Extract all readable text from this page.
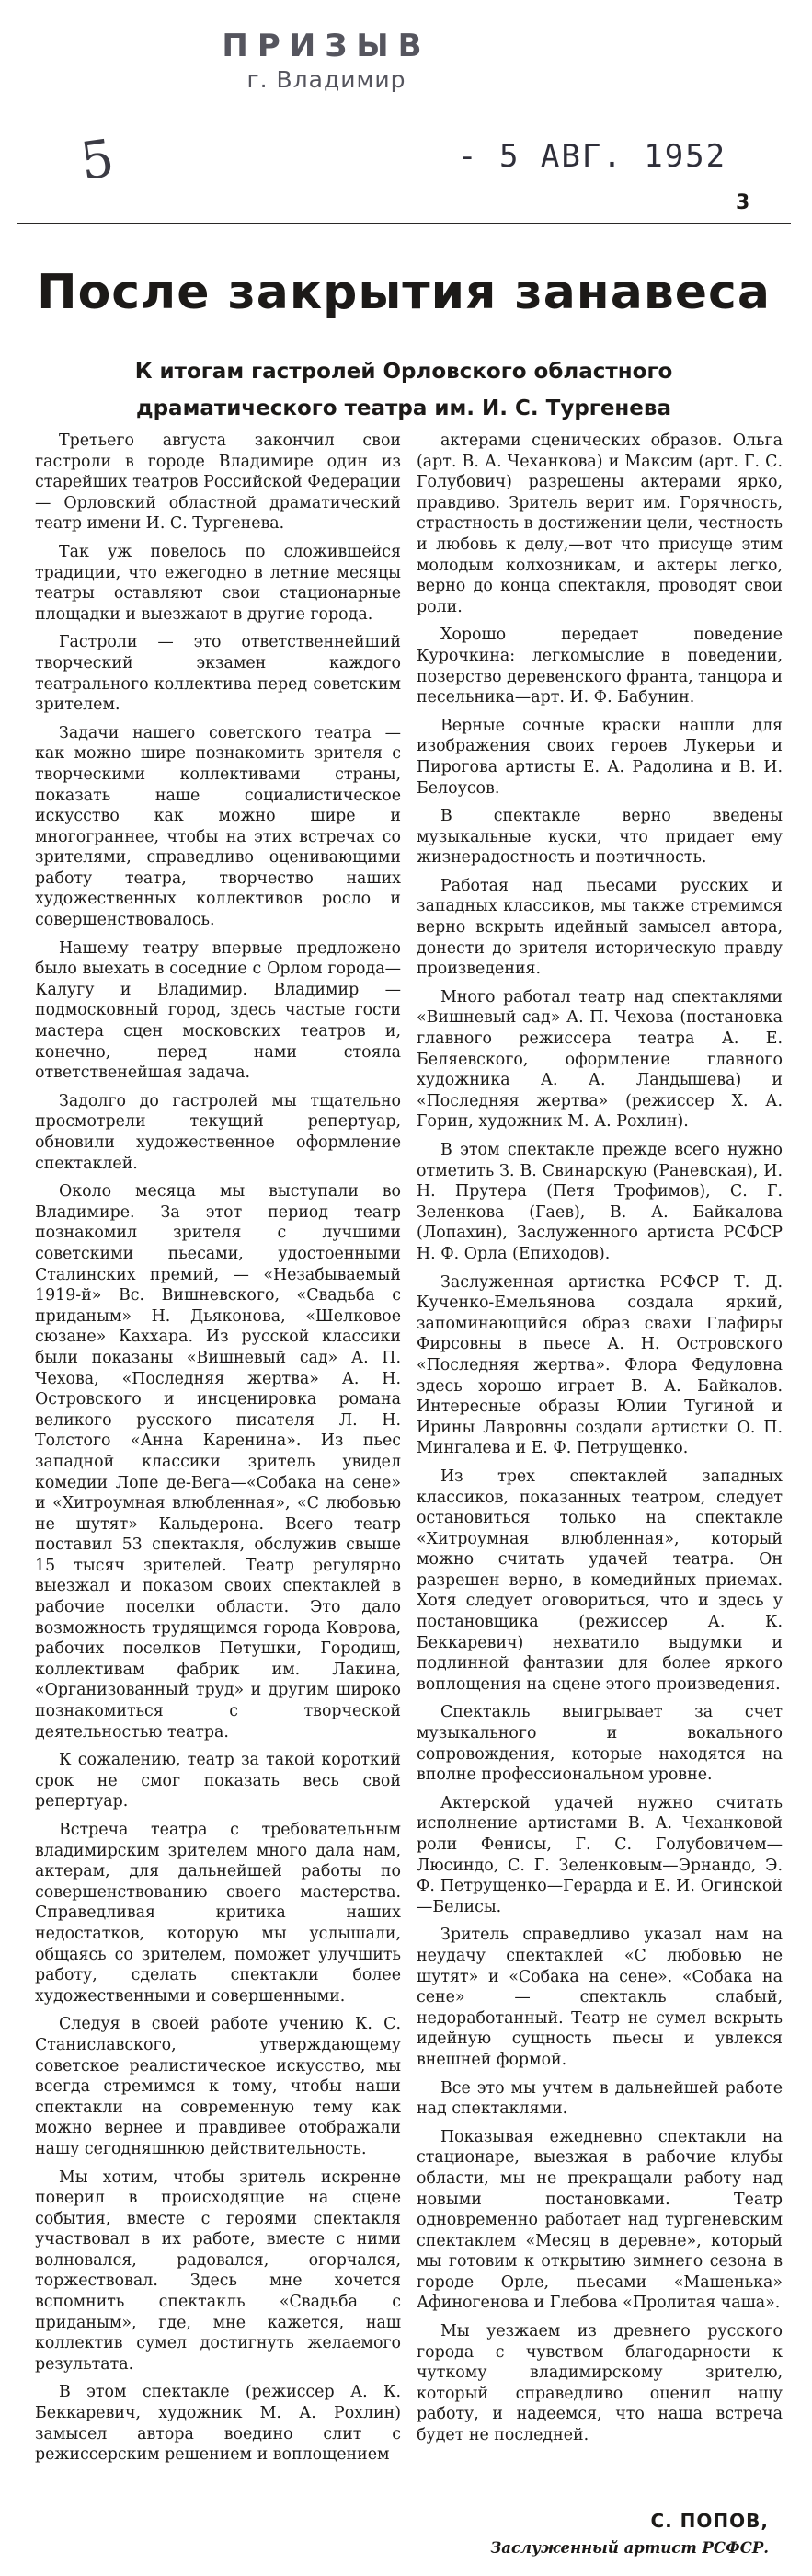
ПРИЗЫВ
г. Владимир
5	- 5 АВГ. 1952
3
После закрытия занавеса
К итогам гастролей Орловского областного драматического театра им. И. С. Тургенева

Третьего августа закончил свои гастроли в городе Владимире один из старейших театров Российской Федерации — Орловский областной драматический театр имени И. С. Тургенева.

Так уж повелось по сложившейся традиции, что ежегодно в летние месяцы театры оставляют свои стационарные площадки и выезжают в другие города.

Гастроли — это ответственнейший творческий экзамен каждого театрального коллектива перед советским зрителем.

Задачи нашего советского театра — как можно шире познакомить зрителя с творческими коллективами страны, показать наше социалистическое искусство как можно шире и многограннее, чтобы на этих встречах со зрителями, справедливо оценивающими работу театра, творчество наших художественных коллективов росло и совершенствовалось.

Нашему театру впервые предложено было выехать в соседние с Орлом города—Калугу и Владимир. Владимир — подмосковный город, здесь частые гости мастера сцен московских театров и, конечно, перед нами стояла ответственейшая задача.

Задолго до гастролей мы тщательно просмотрели текущий репертуар, обновили художественное оформление спектаклей.

Около месяца мы выступали во Владимире. За этот период театр познакомил зрителя с лучшими советскими пьесами, удостоенными Сталинских премий, — «Незабываемый 1919-й» Вс. Вишневского, «Свадьба с приданым» Н. Дьяконова, «Шелковое сюзане» Каххара. Из русской классики были показаны «Вишневый сад» А. П. Чехова, «Последняя жертва» А. Н. Островского и инсценировка романа великого русского писателя Л. Н. Толстого «Анна Каренина». Из пьес западной классики зритель увидел комедии Лопе де-Вега—«Собака на сене» и «Хитроумная влюбленная», «С любовью не шутят» Кальдерона. Всего театр поставил 53 спектакля, обслужив свыше 15 тысяч зрителей. Театр регулярно выезжал и показом своих спектаклей в рабочие поселки области. Это дало возможность трудящимся города Коврова, рабочих поселков Петушки, Городищ, коллективам фабрик им. Лакина, «Организованный труд» и другим широко познакомиться с творческой деятельностью театра.

К сожалению, театр за такой короткий срок не смог показать весь свой репертуар.

Встреча театра с требовательным владимирским зрителем много дала нам, актерам, для дальнейшей работы по совершенствованию своего мастерства. Справедливая критика наших недостатков, которую мы услышали, общаясь со зрителем, поможет улучшить работу, сделать спектакли более художественными и совершенными.

Следуя в своей работе учению К. С. Станиславского, утверждающему советское реалистическое искусство, мы всегда стремимся к тому, чтобы наши спектакли на современную тему как можно вернее и правдивее отображали нашу сегодняшнюю действительность.

Мы хотим, чтобы зритель искренне поверил в происходящие на сцене события, вместе с героями спектакля участвовал в их работе, вместе с ними волновался, радовался, огорчался, торжествовал. Здесь мне хочется вспомнить спектакль «Свадьба с приданым», где, мне кажется, наш коллектив сумел достигнуть желаемого результата.

В этом спектакле (режиссер А. К. Беккаревич, художник М. А. Рохлин) замысел автора воедино слит с режиссерским решением и воплощением

актерами сценических образов. Ольга (арт. В. А. Чеханкова) и Максим (арт. Г. С. Голубович) разрешены актерами ярко, правдиво. Зритель верит им. Горячность, страстность в достижении цели, честность и любовь к делу,—вот что присуще этим молодым колхозникам, и актеры легко, верно до конца спектакля, проводят свои роли.

Хорошо передает поведение Курочкина: легкомыслие в поведении, позерство деревенского франта, танцора и песельника—арт. И. Ф. Бабунин.

Верные сочные краски нашли для изображения своих героев Лукерьи и Пирогова артисты Е. А. Радолина и В. И. Белоусов.

В спектакле верно введены музыкальные куски, что придает ему жизнерадостность и поэтичность.

Работая над пьесами русских и западных классиков, мы также стремимся верно вскрыть идейный замысел автора, донести до зрителя историческую правду произведения.

Много работал театр над спектаклями «Вишневый сад» А. П. Чехова (постановка главного режиссера театра А. Е. Беляевского, оформление главного художника А. А. Ландышева) и «Последняя жертва» (режиссер Х. А. Горин, художник М. А. Рохлин).

В этом спектакле прежде всего нужно отметить З. В. Свинарскую (Раневская), И. Н. Прутера (Петя Трофимов), С. Г. Зеленкова (Гаев), В. А. Байкалова (Лопахин), Заслуженного артиста РСФСР Н. Ф. Орла (Епиходов).

Заслуженная артистка РСФСР Т. Д. Кученко-Емельянова создала яркий, запоминающийся образ свахи Глафиры Фирсовны в пьесе А. Н. Островского «Последняя жертва». Флора Федуловна здесь хорошо играет В. А. Байкалов. Интересные образы Юлии Тугиной и Ирины Лавровны создали артистки О. П. Мингалева и Е. Ф. Петрущенко.

Из трех спектаклей западных классиков, показанных театром, следует остановиться только на спектакле «Хитроумная влюбленная», который можно считать удачей театра. Он разрешен верно, в комедийных приемах. Хотя следует оговориться, что и здесь у постановщика (режиссер А. К. Беккаревич) нехватило выдумки и подлинной фантазии для более яркого воплощения на сцене этого произведения.

Спектакль выигрывает за счет музыкального и вокального сопровождения, которые находятся на вполне профессиональном уровне.

Актерской удачей нужно считать исполнение артистами В. А. Чеханковой роли Фенисы, Г. С. Голубовичем—Люсиндо, С. Г. Зеленковым—Эрнандо, Э. Ф. Петрущенко—Герарда и Е. И. Огинской—Белисы.

Зритель справедливо указал нам на неудачу спектаклей «С любовью не шутят» и «Собака на сене». «Собака на сене» — спектакль слабый, недоработанный. Театр не сумел вскрыть идейную сущность пьесы и увлекся внешней формой.

Все это мы учтем в дальнейшей работе над спектаклями.

Показывая ежедневно спектакли на стационаре, выезжая в рабочие клубы области, мы не прекращали работу над новыми постановками. Театр одновременно работает над тургеневским спектаклем «Месяц в деревне», который мы готовим к открытию зимнего сезона в городе Орле, пьесами «Машенька» Афиногенова и Глебова «Пролитая чаша».

Мы уезжаем из древнего русского города с чувством благодарности к чуткому владимирскому зрителю, который справедливо оценил нашу работу, и надеемся, что наша встреча будет не последней.

С. ПОПОВ,
Заслуженный артист РСФСР.
